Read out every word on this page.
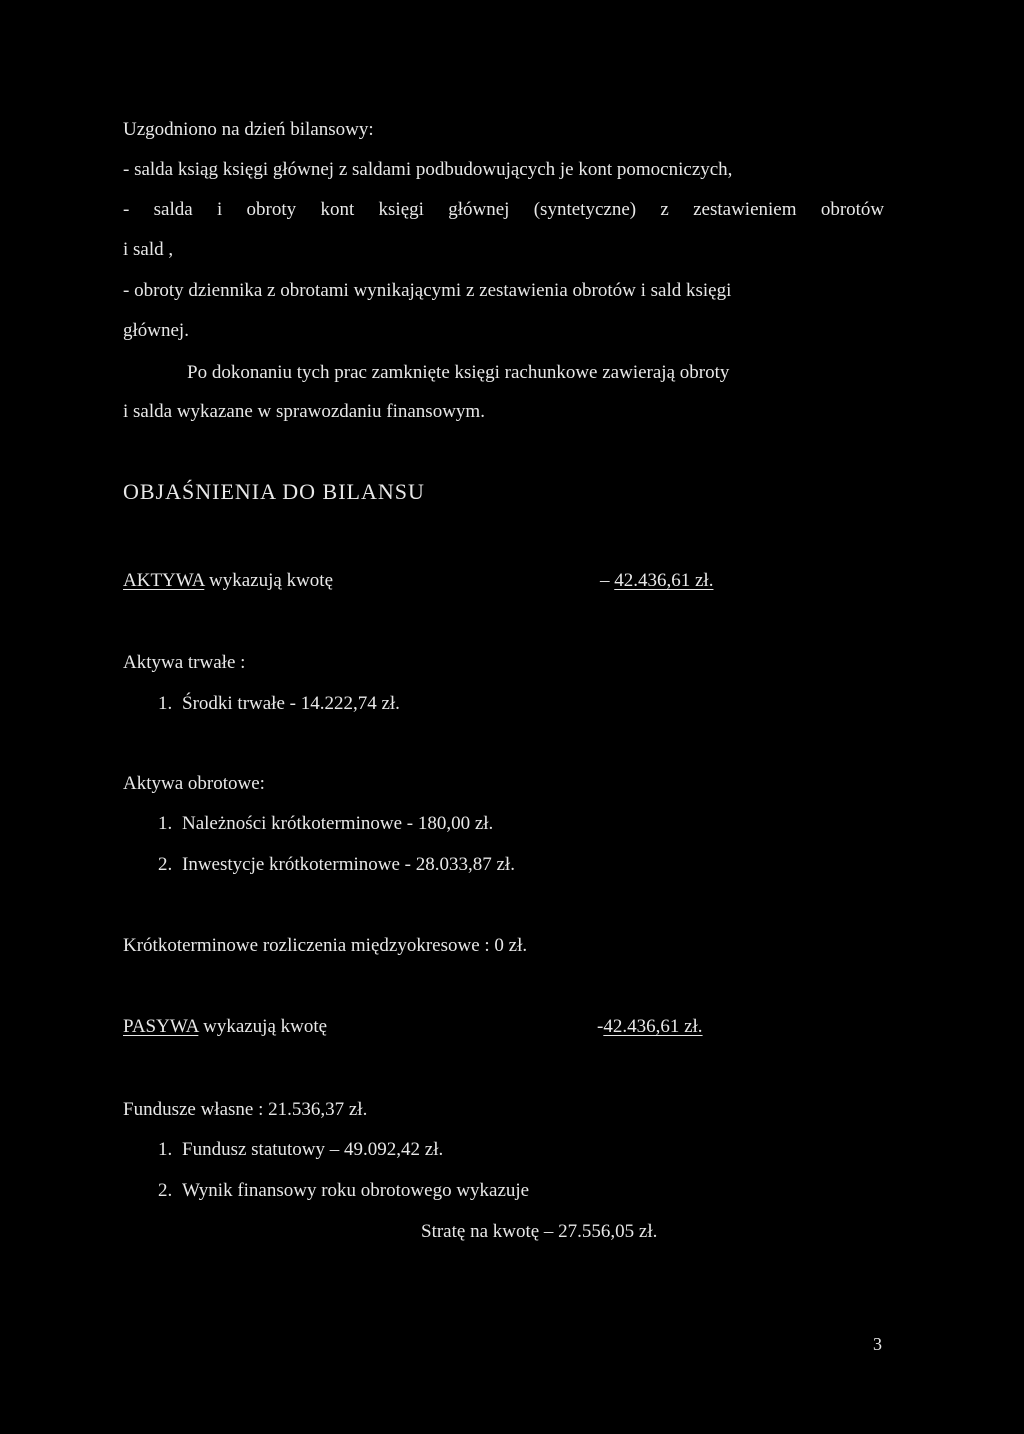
Uzgodniono na dzień bilansowy:
- salda ksiąg księgi głównej z saldami podbudowujących je kont pomocniczych,
- salda i obroty kont księgi głównej (syntetyczne) z zestawieniem obrotów
i sald ,
- obroty dziennika z obrotami wynikającymi z zestawienia obrotów i sald księgi
głównej.
Po dokonaniu tych prac zamknięte księgi rachunkowe zawierają obroty
i salda wykazane w sprawozdaniu finansowym.
OBJAŚNIENIA DO BILANSU
AKTYWA wykazują kwotę	– 42.436,61 zł.
Aktywa trwałe :
1. Środki trwałe - 14.222,74 zł.
Aktywa obrotowe:
1. Należności krótkoterminowe - 180,00 zł.
2. Inwestycje krótkoterminowe - 28.033,87 zł.
Krótkoterminowe rozliczenia międzyokresowe : 0 zł.
PASYWA wykazują kwotę	-42.436,61 zł.
Fundusze własne : 21.536,37 zł.
1. Fundusz statutowy – 49.092,42 zł.
2. Wynik finansowy roku obrotowego wykazuje
Stratę na kwotę – 27.556,05 zł.
3
